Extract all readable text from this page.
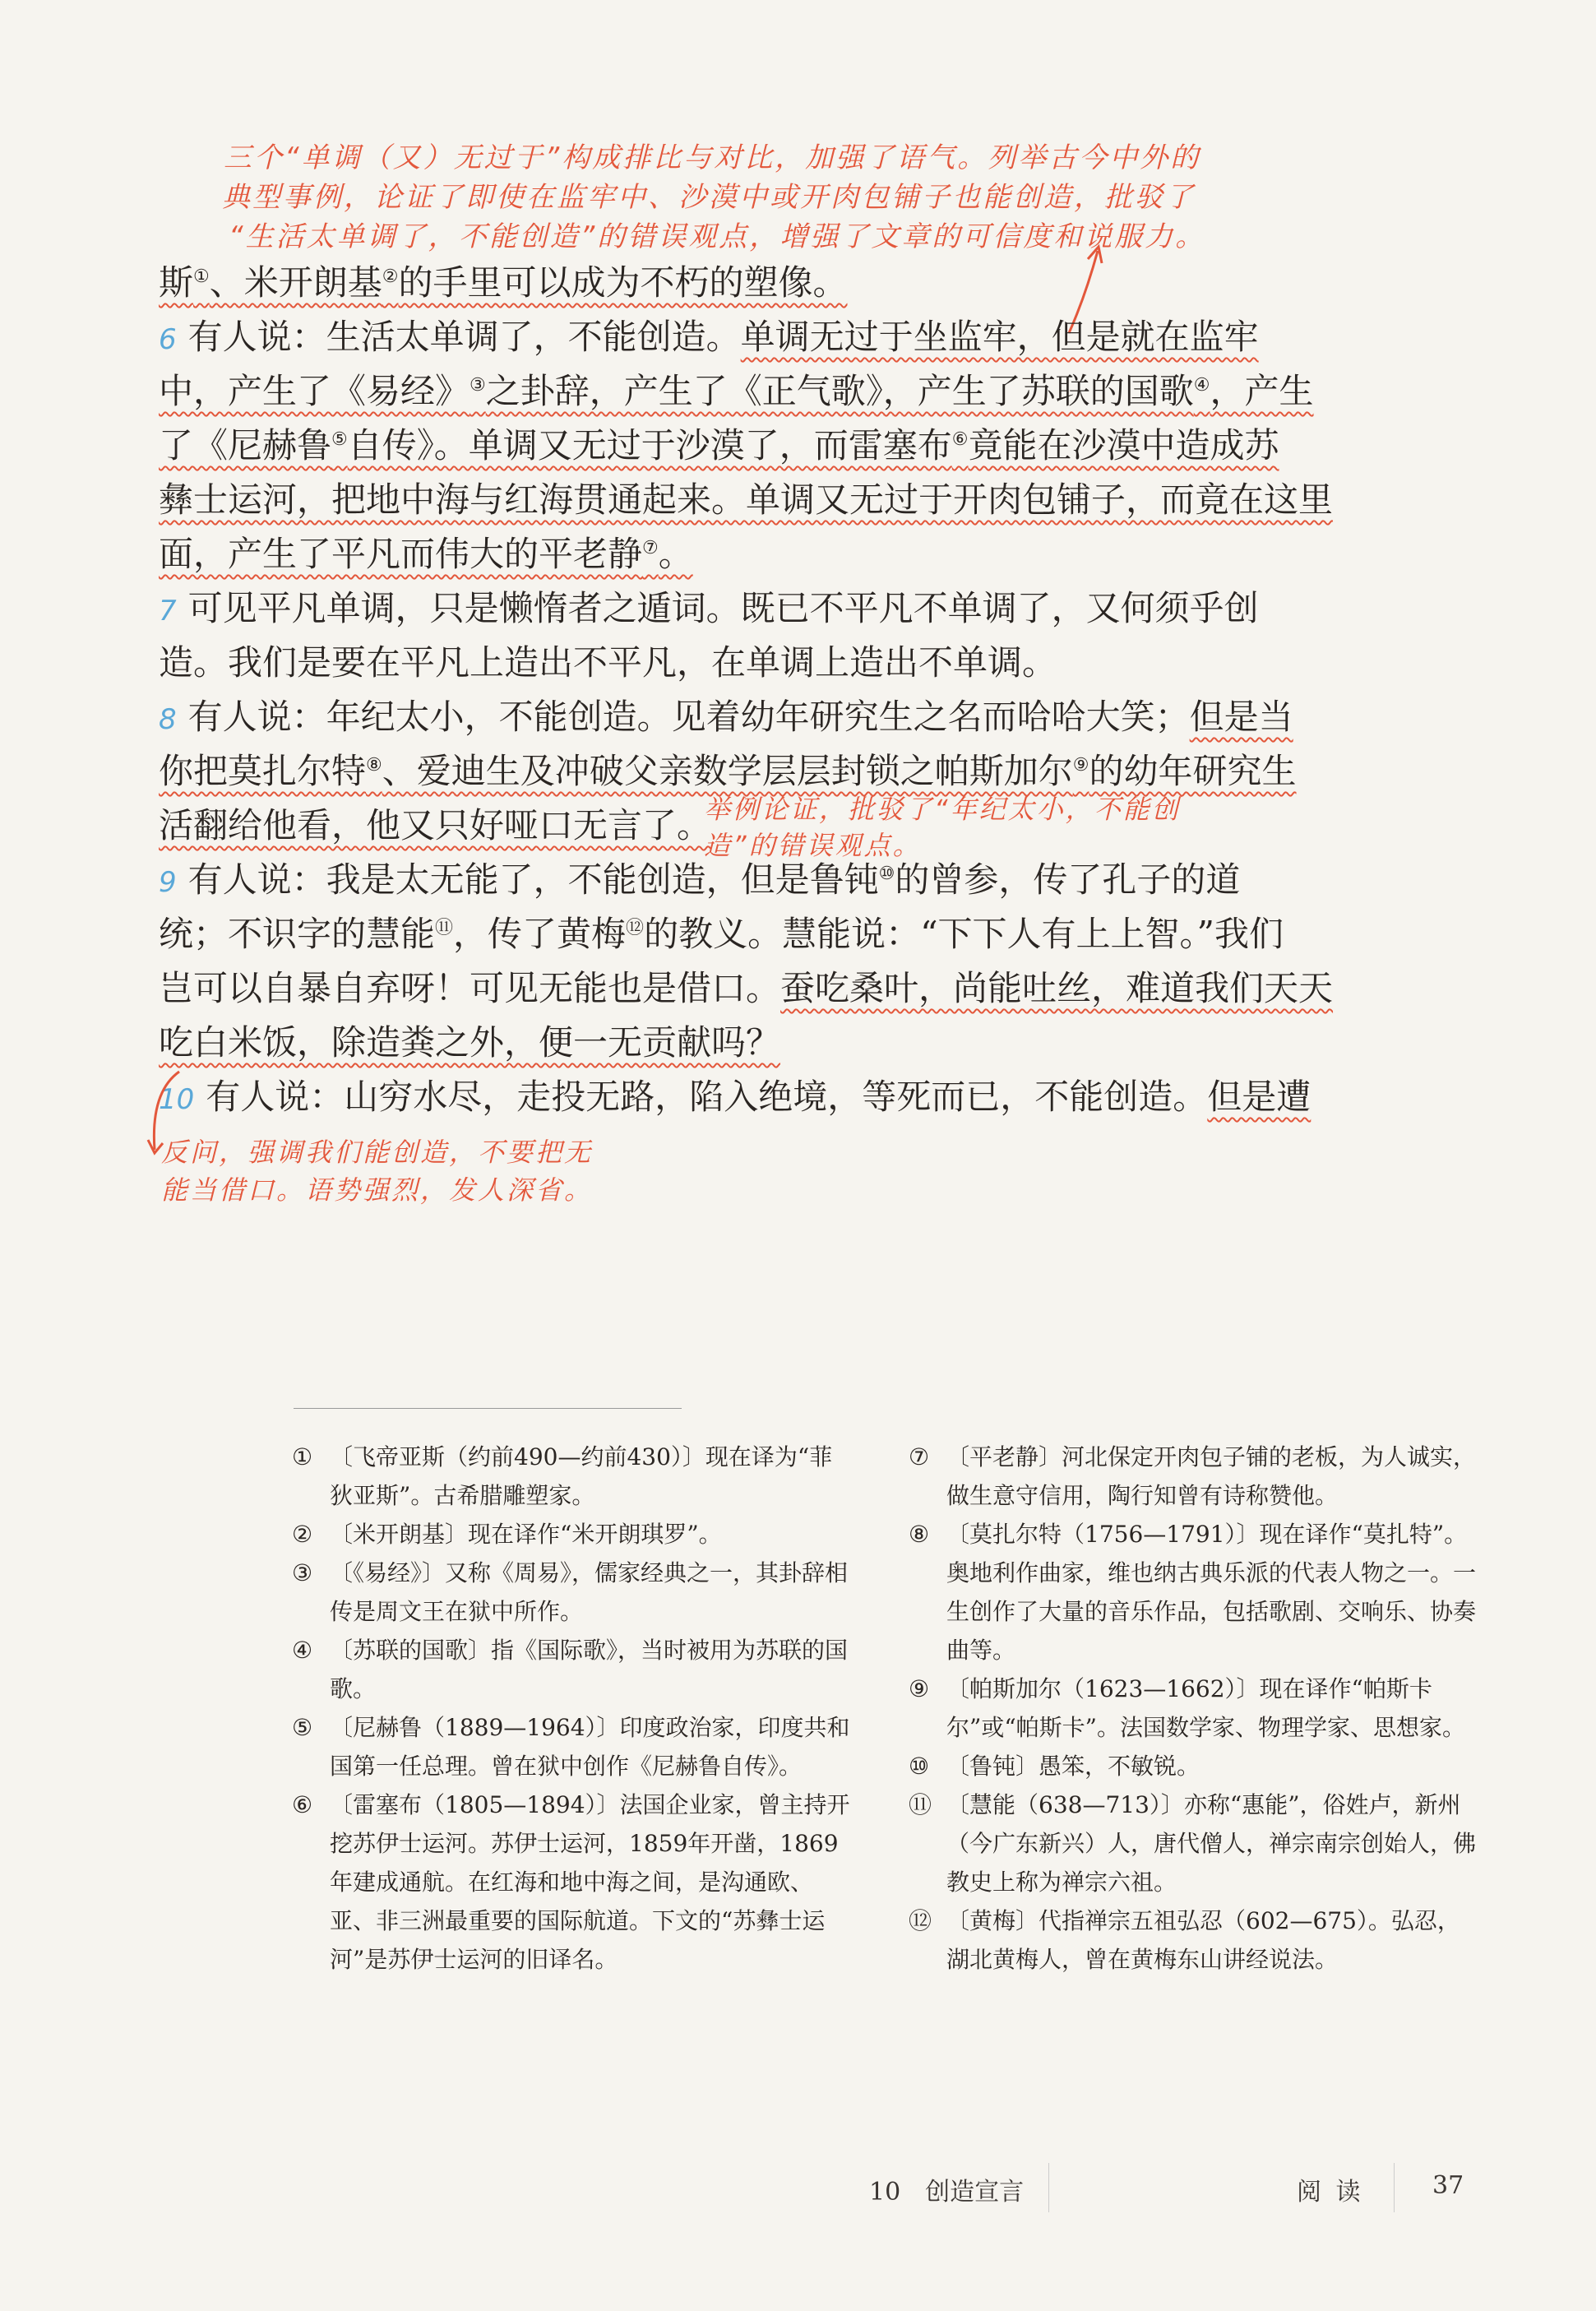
三个“单调（又）无过于”构成排比与对比，加强了语气。列举古今中外的
典型事例，论证了即使在监牢中、沙漠中或开肉包铺子也能创造，批驳了
“生活太单调了，不能创造”的错误观点，增强了文章的可信度和说服力。
斯①、米开朗基②的手里可以成为不朽的塑像。
6 有人说：生活太单调了，不能创造。单调无过于坐监牢，但是就在监牢
中，产生了《易经》③之卦辞，产生了《正气歌》，产生了苏联的国歌④，产生
了《尼赫鲁⑤自传》。单调又无过于沙漠了，而雷塞布⑥竟能在沙漠中造成苏
彝士运河，把地中海与红海贯通起来。单调又无过于开肉包铺子，而竟在这里
面，产生了平凡而伟大的平老静⑦。
7 可见平凡单调，只是懒惰者之遁词。既已不平凡不单调了，又何须乎创
造。我们是要在平凡上造出不平凡，在单调上造出不单调。
8 有人说：年纪太小，不能创造。见着幼年研究生之名而哈哈大笑；但是当
你把莫扎尔特⑧、爱迪生及冲破父亲数学层层封锁之帕斯加尔⑨的幼年研究生
活翻给他看，他又只好哑口无言了。
举例论证，批驳了“年纪太小，不能创
造”的错误观点。
9 有人说：我是太无能了，不能创造，但是鲁钝⑩的曾参，传了孔子的道
统；不识字的慧能⑪，传了黄梅⑫的教义。慧能说：“下下人有上上智。”我们
岂可以自暴自弃呀！可见无能也是借口。蚕吃桑叶，尚能吐丝，难道我们天天
吃白米饭，除造粪之外，便一无贡献吗？
10 有人说：山穷水尽，走投无路，陷入绝境，等死而已，不能创造。但是遭
反问，强调我们能创造，不要把无
能当借口。语势强烈，发人深省。
① 〔飞帝亚斯（约前490—约前430）〕现在译为“菲狄亚斯”。古希腊雕塑家。
② 〔米开朗基〕现在译作“米开朗琪罗”。
③ 〔《易经》〕又称《周易》，儒家经典之一，其卦辞相传是周文王在狱中所作。
④ 〔苏联的国歌〕指《国际歌》，当时被用为苏联的国歌。
⑤ 〔尼赫鲁（1889—1964）〕印度政治家，印度共和国第一任总理。曾在狱中创作《尼赫鲁自传》。
⑥ 〔雷塞布（1805—1894）〕法国企业家，曾主持开挖苏伊士运河。苏伊士运河，1859年开凿，1869年建成通航。在红海和地中海之间，是沟通欧、亚、非三洲最重要的国际航道。下文的“苏彝士运河”是苏伊士运河的旧译名。
⑦ 〔平老静〕河北保定开肉包子铺的老板，为人诚实，做生意守信用，陶行知曾有诗称赞他。
⑧ 〔莫扎尔特（1756—1791）〕现在译作“莫扎特”。奥地利作曲家，维也纳古典乐派的代表人物之一。一生创作了大量的音乐作品，包括歌剧、交响乐、协奏曲等。
⑨ 〔帕斯加尔（1623—1662）〕现在译作“帕斯卡尔”或“帕斯卡”。法国数学家、物理学家、思想家。
⑩ 〔鲁钝〕愚笨，不敏锐。
⑪ 〔慧能（638—713）〕亦称“惠能”，俗姓卢，新州（今广东新兴）人，唐代僧人，禅宗南宗创始人，佛教史上称为禅宗六祖。
⑫ 〔黄梅〕代指禅宗五祖弘忍（602—675）。弘忍，湖北黄梅人，曾在黄梅东山讲经说法。
10　创造宣言	阅 读	37
